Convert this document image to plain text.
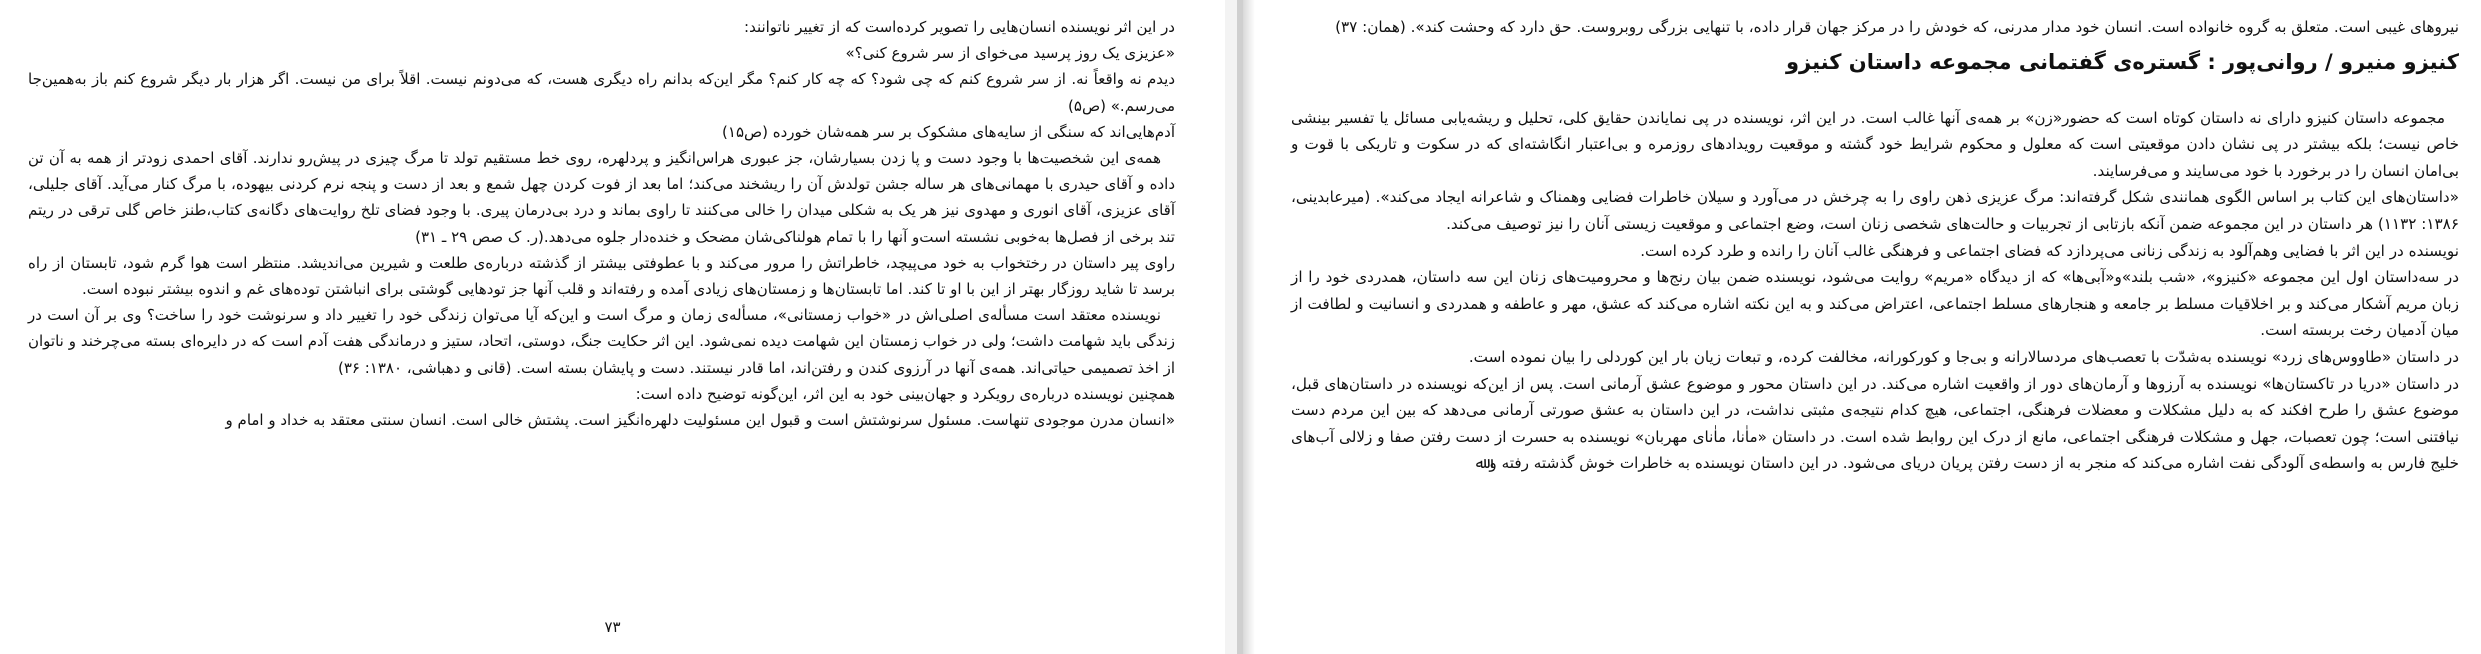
در این اثر نویسنده انسان‌هایی را تصویر کرده‌است که از تغییر ناتوانند:

«عزیزی یک روز پرسید می‌خوای از سر شروع کنی؟»

دیدم نه واقعاً نه. از سر شروع کنم که چی شود؟ که چه کار کنم؟ مگر این‌که بدانم راه دیگری هست، که می‌دونم نیست. اقلاً برای من نیست. اگر هزار بار دیگر شروع کنم باز به‌همین‌جا می‌رسم.» (ص۵)

آدم‌هایی‌اند که سنگی از سایه‌های مشکوک بر سر همه‌شان خورده (ص۱۵)

همه‌ی این شخصیت‌ها با وجود دست و پا زدن بسیارشان، جز عبوری هراس‌انگیز و پردلهره، روی خط مستقیم تولد تا مرگ چیزی در پیش‌رو ندارند. آقای احمدی زودتر از همه به آن تن داده و آقای حیدری با مهمانی‌های هر ساله جشن تولدش آن را ریشخند می‌کند؛ اما بعد از فوت کردن چهل شمع و بعد از دست و پنجه نرم کردنی بیهوده، با مرگ کنار می‌آید. آقای جلیلی، آقای عزیزی، آقای انوری و مهدوی نیز هر یک به شکلی میدان را خالی می‌کنند تا راوی بماند و درد بی‌درمان پیری. با وجود فضای تلخ روایت‌های دگانه‌ی کتاب،طنز خاص گلی ترقی در ریتم تند برخی از فصل‌ها به‌خوبی نشسته است‌و آنها را با تمام هولناکی‌شان مضحک و خنده‌دار جلوه می‌دهد.(ر. ک صص ۲۹ ـ ۳۱)

راوی پیر داستان در رختخواب به خود می‌پیچد، خاطراتش را مرور می‌کند و با عطوفتی بیشتر از گذشته درباره‌ی طلعت و شیرین می‌اندیشد. منتظر است هوا گرم شود، تابستان از راه برسد تا شاید روزگار بهتر از این با او تا کند. اما تابستان‌ها و زمستان‌های زیادی آمده و رفته‌اند و قلب آنها جز تودهایی گوشتی برای انباشتن توده‌های غم و اندوه بیشتر نبوده است.

نویسنده معتقد است مسأله‌ی اصلی‌اش در «خواب زمستانی»، مسأله‌ی زمان و مرگ است و این‌که آیا می‌توان زندگی خود را تغییر داد و سرنوشت خود را ساخت؟ وی بر آن است در زندگی باید شهامت داشت؛ ولی در خواب زمستان این شهامت دیده نمی‌شود. این اثر حکایت جنگ، دوستی، اتحاد، ستیز و درماندگی هفت آدم است که در دایره‌ای بسته می‌چرخند و ناتوان از اخذ تصمیمی حیاتی‌اند. همه‌ی آنها در آرزوی کندن و رفتن‌اند، اما قادر نیستند. دست و پایشان بسته است. (قانی و دهباشی، ۱۳۸۰: ۳۶)

همچنین نویسنده درباره‌ی رویکرد و جهان‌بینی خود به این اثر، این‌گونه توضیح داده است:

«انسان مدرن موجودی تنهاست. مسئول سرنوشتش است و قبول این مسئولیت دلهره‌انگیز است. پشتش خالی است. انسان سنتی معتقد به خداد و امام و

۷۳

نیروهای غیبی است. متعلق به گروه خانواده است. انسان خود مدار مدرنی، که خودش را در مرکز جهان قرار داده، با تنهایی بزرگی روبروست. حق دارد که وحشت کند». (همان: ۳۷)

کنیزو منیرو / روانی‌پور : گستره‌ی گفتمانی مجموعه داستان کنیزو

مجموعه داستان کنیزو دارای نه داستان کوتاه است که حضور«زن» بر همه‌ی آنها غالب است. در این اثر، نویسنده در پی نمایاندن حقایق کلی، تحلیل و ریشه‌یابی مسائل یا تفسیر بینشی خاص نیست؛ بلکه بیشتر در پی نشان دادن موقعیتی است که معلول و محکوم شرایط خود گشته و موقعیت رویدادهای روزمره و بی‌اعتبار انگاشته‌ای که در سکوت و تاریکی با قوت و بی‌امان انسان را در برخورد با خود می‌سایند و می‌فرسایند.

«داستان‌های این کتاب بر اساس الگوی همانندی شکل گرفته‌اند: مرگ عزیزی ذهن راوی را به چرخش در می‌آورد و سیلان خاطرات فضایی وهمناک و شاعرانه ایجاد می‌کند». (میرعابدینی، ۱۳۸۶: ۱۱۳۲) هر داستان در این مجموعه ضمن آنکه بازتابی از تجربیات و حالت‌های شخصی زنان است، وضع اجتماعی و موقعیت زیستی آنان را نیز توصیف می‌کند.

نویسنده در این اثر با فضایی وهم‌آلود به زندگی زنانی می‌پردازد که فضای اجتماعی و فرهنگی غالب آنان را رانده و طرد کرده است.

در سه‌داستان اول این مجموعه «کنیزو»، «شب بلند»و«آبی‌ها» که از دیدگاه «مریم» روایت می‌شود، نویسنده ضمن بیان رنج‌ها و محرومیت‌های زنان این سه داستان، همدردی خود را از زبان مریم آشکار می‌کند و بر اخلاقیات مسلط بر جامعه و هنجارهای مسلط اجتماعی، اعتراض می‌کند و به این نکته اشاره می‌کند که عشق، مهر و عاطفه و همدردی و انسانیت و لطافت از میان آدمیان رخت بربسته است.

در داستان «طاووس‌های زرد» نویسنده به‌شدّت با تعصب‌های مردسالارانه و بی‌جا و کورکورانه، مخالفت کرده، و تبعات زیان بار این کوردلی را بیان نموده است.

در داستان «دریا در تاکستان‌ها» نویسنده به آرزوها و آرمان‌های دور از واقعیت اشاره می‌کند. در این داستان محور و موضوع عشق آرمانی است. پس از این‌که نویسنده در داستان‌های قبل، موضوع عشق را طرح افکند که به دلیل مشکلات و معضلات فرهنگی، اجتماعی، هیچ کدام نتیجه‌ی مثبتی نداشت، در این داستان به عشق صورتی آرمانی می‌دهد که بین این مردم دست نیافتنی است؛ چون تعصبات، جهل و مشکلات فرهنگی اجتماعی، مانع از درک این روابط شده است. در داستان «ماٰنا، ماٰنای مهربان» نویسنده به حسرت از دست رفتن صفا و زلالی آب‌های خلیج فارس به واسطه‌ی آلودگی نفت اشاره می‌کند که منجر به از دست رفتن پریان دریای می‌شود. در این داستان نویسنده به خاطرات خوش گذشته رفته و ﷲ
